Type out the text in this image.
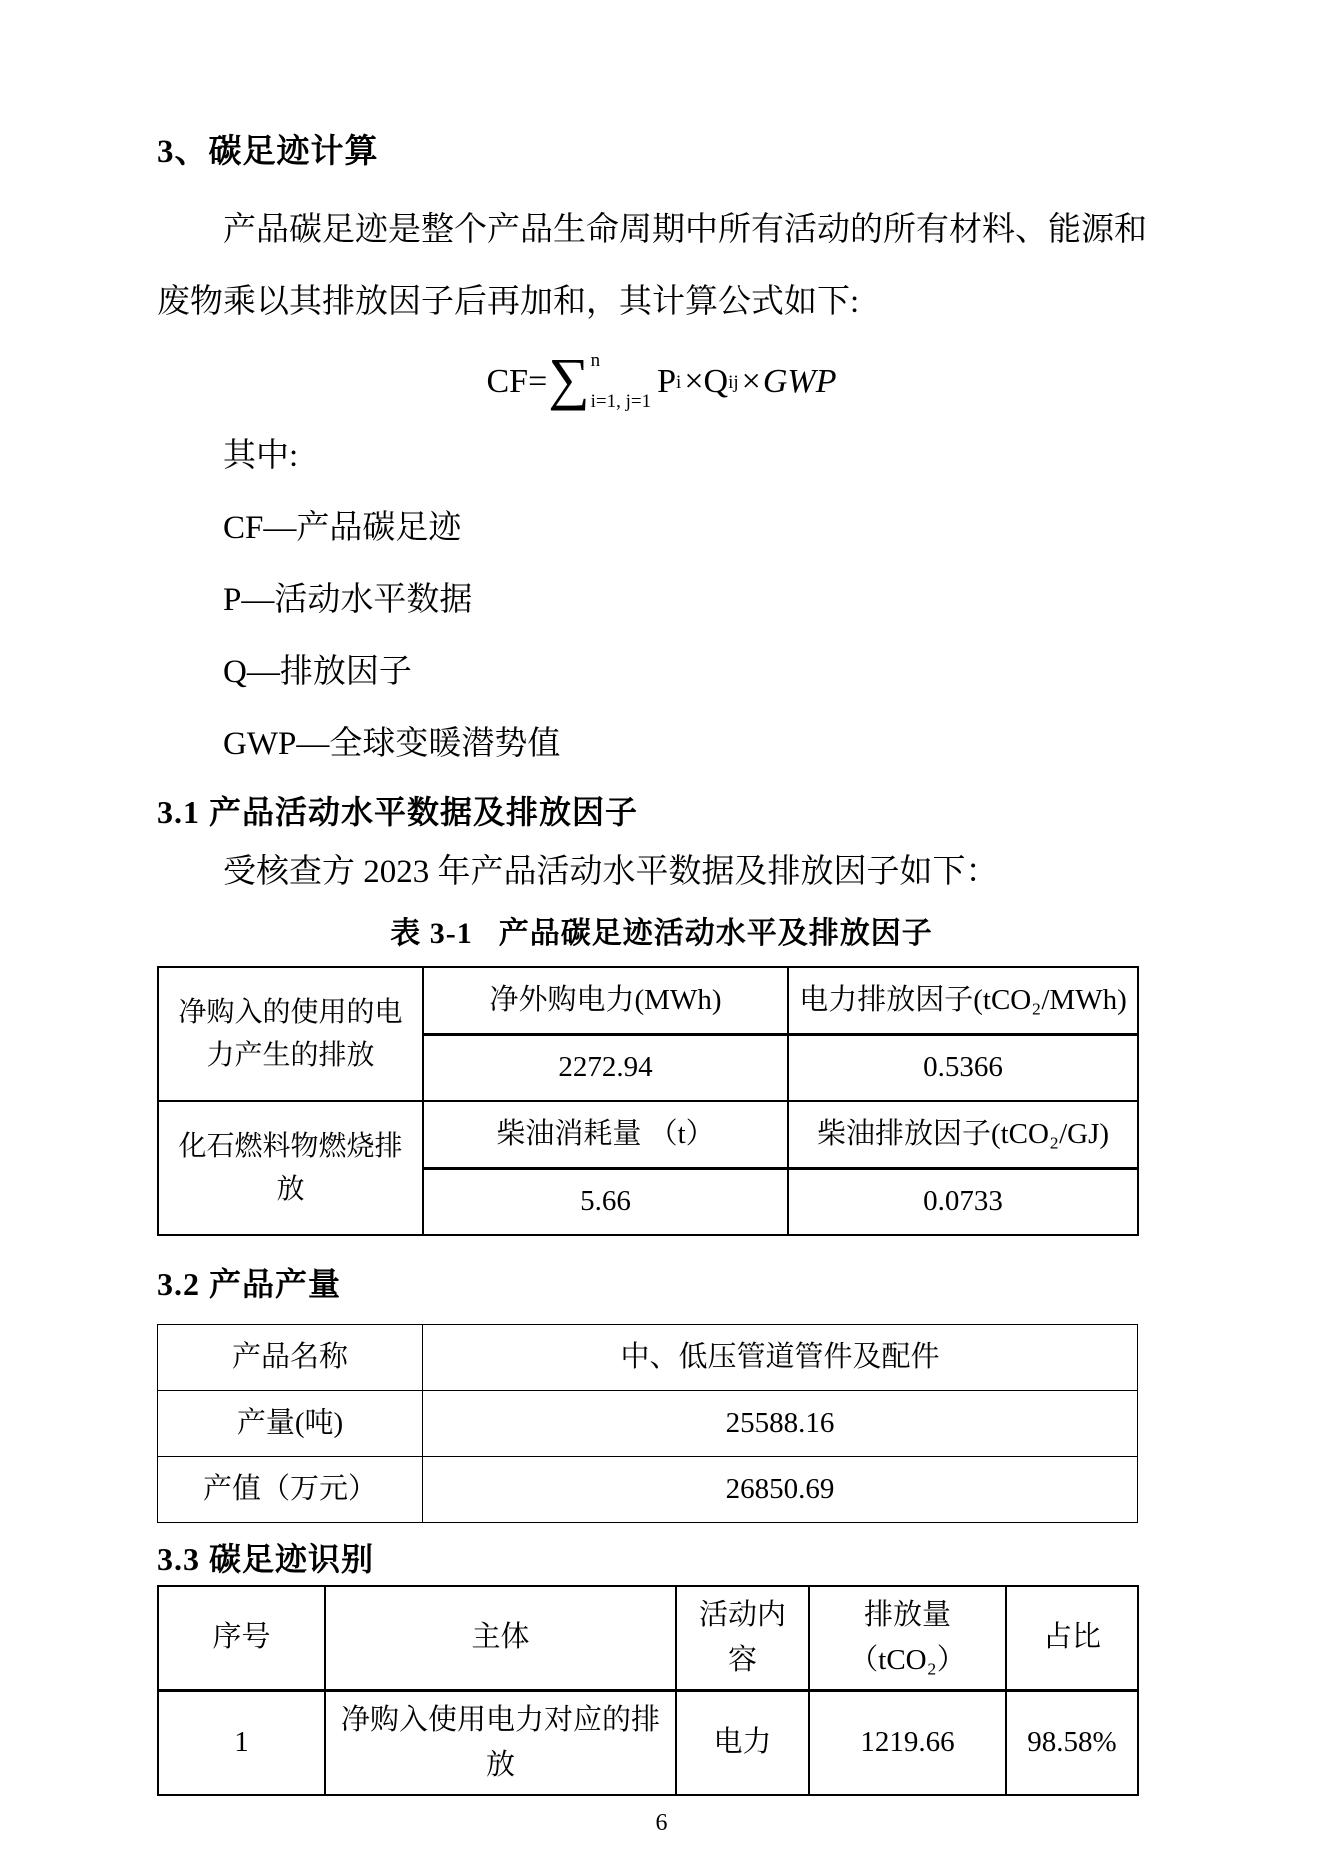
3、碳足迹计算
产品碳足迹是整个产品生命周期中所有活动的所有材料、能源和
废物乘以其排放因子后再加和，其计算公式如下:
CF= ∑ n
i=1, j=1
P i × Q ij × GWP
其中:
CF—产品碳足迹
P—活动水平数据
Q—排放因子
GWP—全球变暖潜势值
3.1 产品活动水平数据及排放因子
受核查方 2023 年产品活动水平数据及排放因子如下：
表 3-1 产品碳足迹活动水平及排放因子
净购入的使用的电力产生的排放	净外购电力(MWh)	电力排放因子(tCO₂/MWh)
	2272.94	0.5366
化石燃料物燃烧排放	柴油消耗量 （t）	柴油排放因子(tCO₂/GJ)
	5.66	0.0733
3.2 产品产量
产品名称	中、低压管道管件及配件
产量(吨)	25588.16
产值（万元）	26850.69
3.3 碳足迹识别
序号	主体	活动内容	排放量（tCO₂）	占比
1	净购入使用电力对应的排放	电力	1219.66	98.58%
6
